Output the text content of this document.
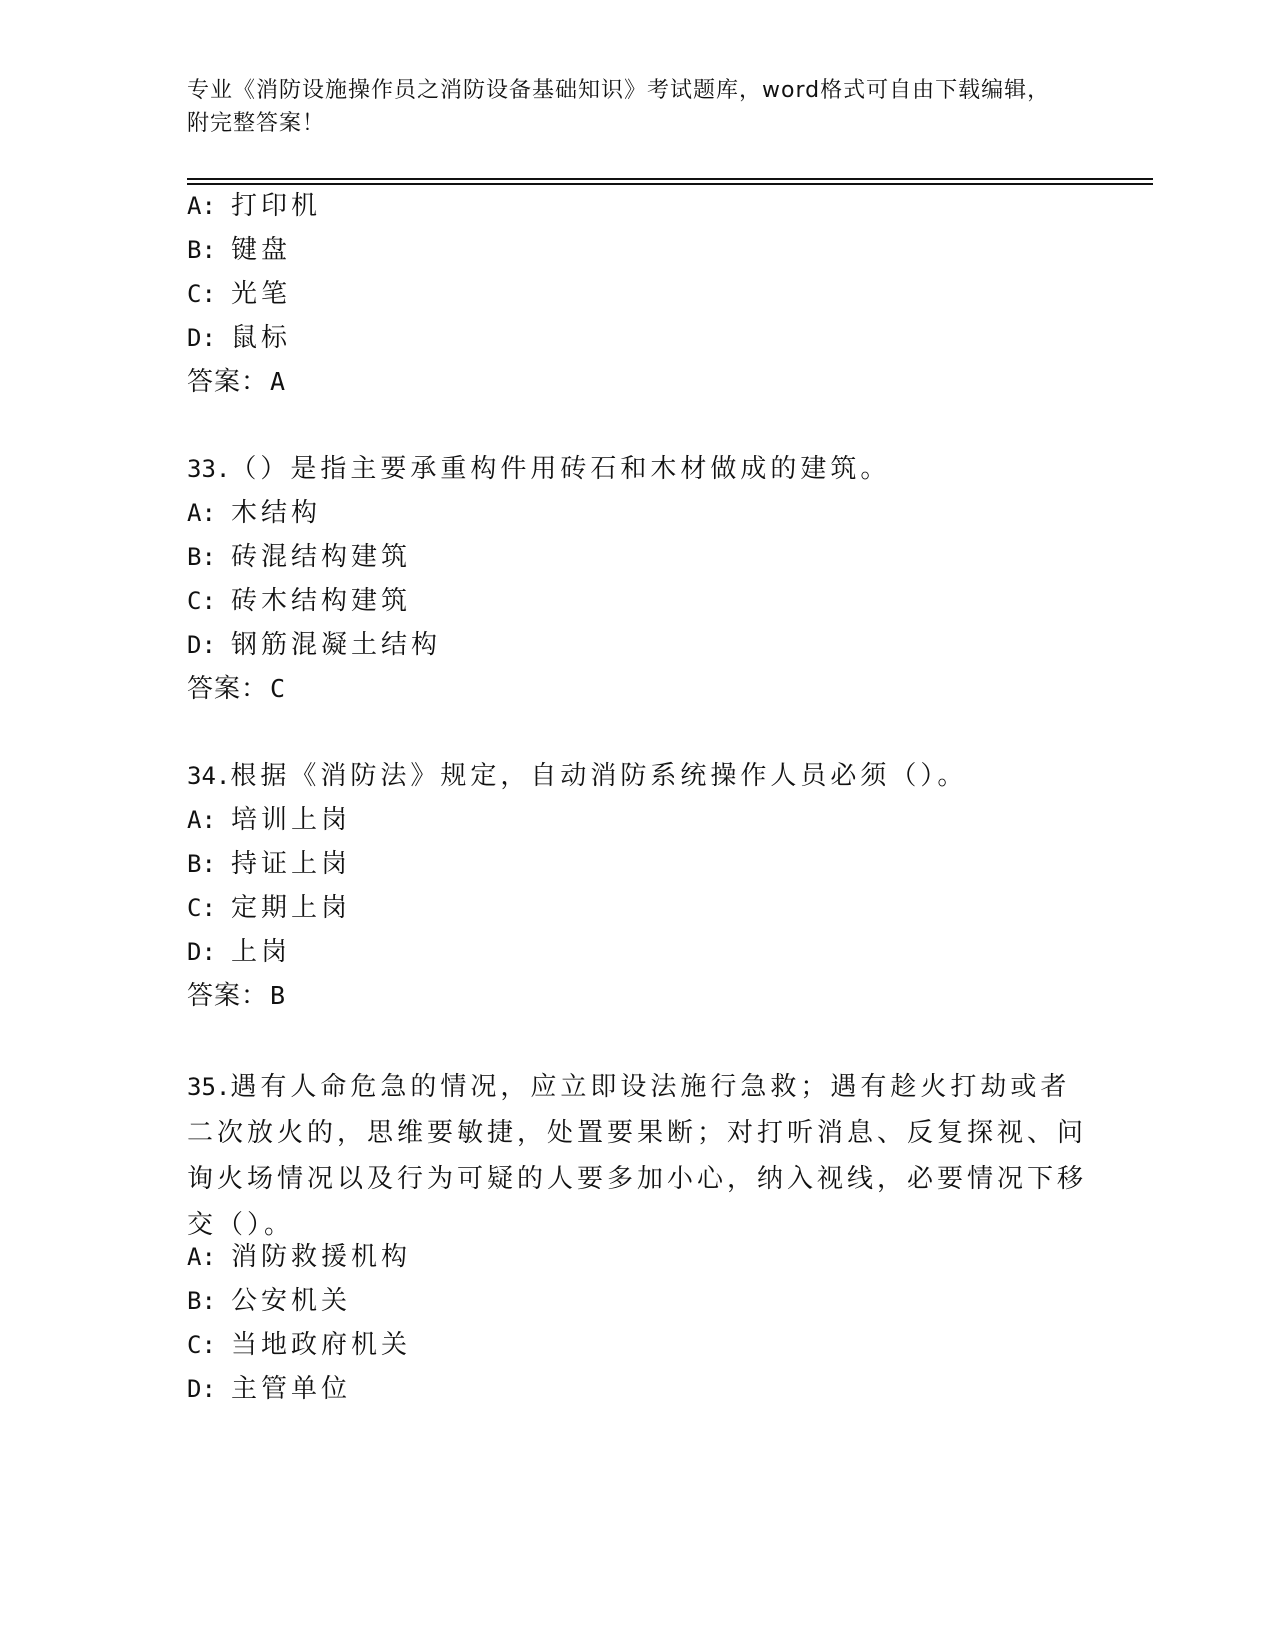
专业《消防设施操作员之消防设备基础知识》考试题库，word格式可自由下载编辑，附完整答案！
A: 打印机
B: 键盘
C: 光笔
D: 鼠标
答案：A
33.（）是指主要承重构件用砖石和木材做成的建筑。
A: 木结构
B: 砖混结构建筑
C: 砖木结构建筑
D: 钢筋混凝土结构
答案：C
34.根据《消防法》规定，自动消防系统操作人员必须（）。
A: 培训上岗
B: 持证上岗
C: 定期上岗
D: 上岗
答案：B
35.遇有人命危急的情况，应立即设法施行急救；遇有趁火打劫或者二次放火的，思维要敏捷，处置要果断；对打听消息、反复探视、问询火场情况以及行为可疑的人要多加小心，纳入视线，必要情况下移交（）。
A: 消防救援机构
B: 公安机关
C: 当地政府机关
D: 主管单位
